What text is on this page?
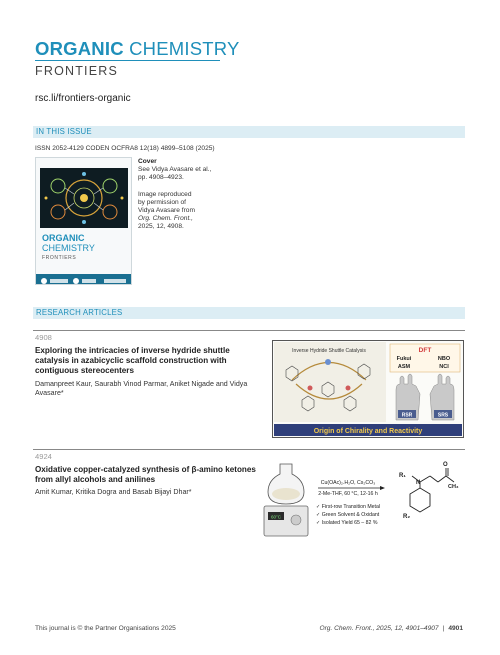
ORGANIC CHEMISTRY
FRONTIERS
rsc.li/frontiers-organic
IN THIS ISSUE
ISSN 2052-4129 CODEN OCFRA8 12(18) 4899–5108 (2025)
ORGANIC
CHEMISTRY
FRONTIERS
Cover
See Vidya Avasare et al.,
pp. 4908–4923.
Image reproduced
by permission of
Vidya Avasare from
Org. Chem. Front.,
2025, 12, 4908.
RESEARCH ARTICLES
4908
Exploring the intricacies of inverse hydride shuttle catalysis in azabicyclic scaffold construction with contiguous stereocenters
Damanpreet Kaur, Saurabh Vinod Parmar, Aniket Nigade and Vidya Avasare*
Inverse Hydride Shuttle Catalysis	DFT
Fukui
ASM
NBO
NCI
RSR	SRS
Origin of Chirality and Reactivity
4924
Oxidative copper-catalyzed synthesis of β-amino ketones from allyl alcohols and anilines
Amit Kumar, Kritika Dogra and Basab Bijayi Dhar*
60°C
Cu(OAc)₂.H₂O, Cs₂CO₃
2-Me-THF, 60 °C, 12-16 h
✓ First-row Transition Metal
✓ Green Solvent & Oxidant
✓ Isolated Yield 65 – 82 %
N
O
CH₃
R₁
R₂
This journal is © the Partner Organisations 2025	Org. Chem. Front., 2025, 12, 4901–4907 | 4901
